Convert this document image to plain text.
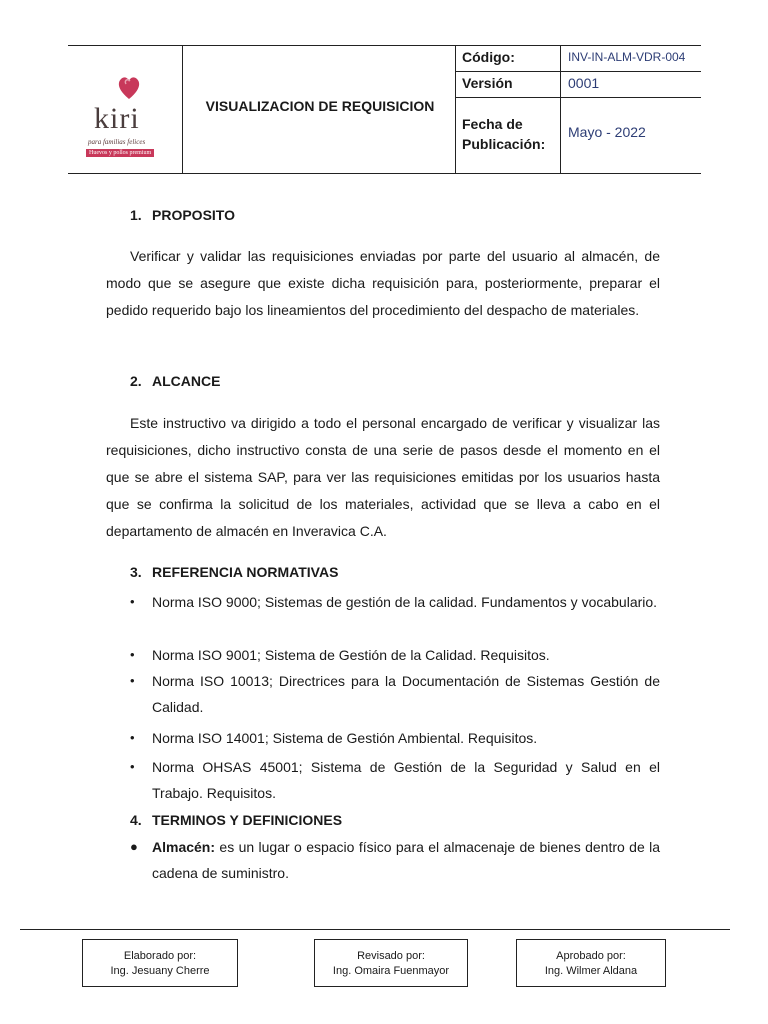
kiri
para familias felices
Huevos y pollos premium
VISUALIZACION DE REQUISICION
Código:	INV-IN-ALM-VDR-004
Versión	0001
Fecha de Publicación:
Mayo - 2022
1. PROPOSITO
Verificar y validar las requisiciones enviadas por parte del usuario al almacén, de modo que se asegure que existe dicha requisición para, posteriormente, preparar el pedido requerido bajo los lineamientos del procedimiento del despacho de materiales.
2. ALCANCE
Este instructivo va dirigido a todo el personal encargado de verificar y visualizar las requisiciones, dicho instructivo consta de una serie de pasos desde el momento en el que se abre el sistema SAP, para ver las requisiciones emitidas por los usuarios hasta que se confirma la solicitud de los materiales, actividad que se lleva a cabo en el departamento de almacén en Inveravica C.A.
3. REFERENCIA NORMATIVAS
•	Norma ISO 9000; Sistemas de gestión de la calidad. Fundamentos y vocabulario.
•	Norma ISO 9001; Sistema de Gestión de la Calidad. Requisitos.
•	Norma ISO 10013; Directrices para la Documentación de Sistemas Gestión de Calidad.
•	Norma ISO 14001; Sistema de Gestión Ambiental. Requisitos.
•	Norma OHSAS 45001; Sistema de Gestión de la Seguridad y Salud en el Trabajo. Requisitos.
4. TERMINOS Y DEFINICIONES
●	Almacén: es un lugar o espacio físico para el almacenaje de bienes dentro de la cadena de suministro.
Elaborado por:
Ing. Jesuany Cherre
Revisado por:
Ing. Omaira Fuenmayor
Aprobado por:
Ing. Wilmer Aldana
